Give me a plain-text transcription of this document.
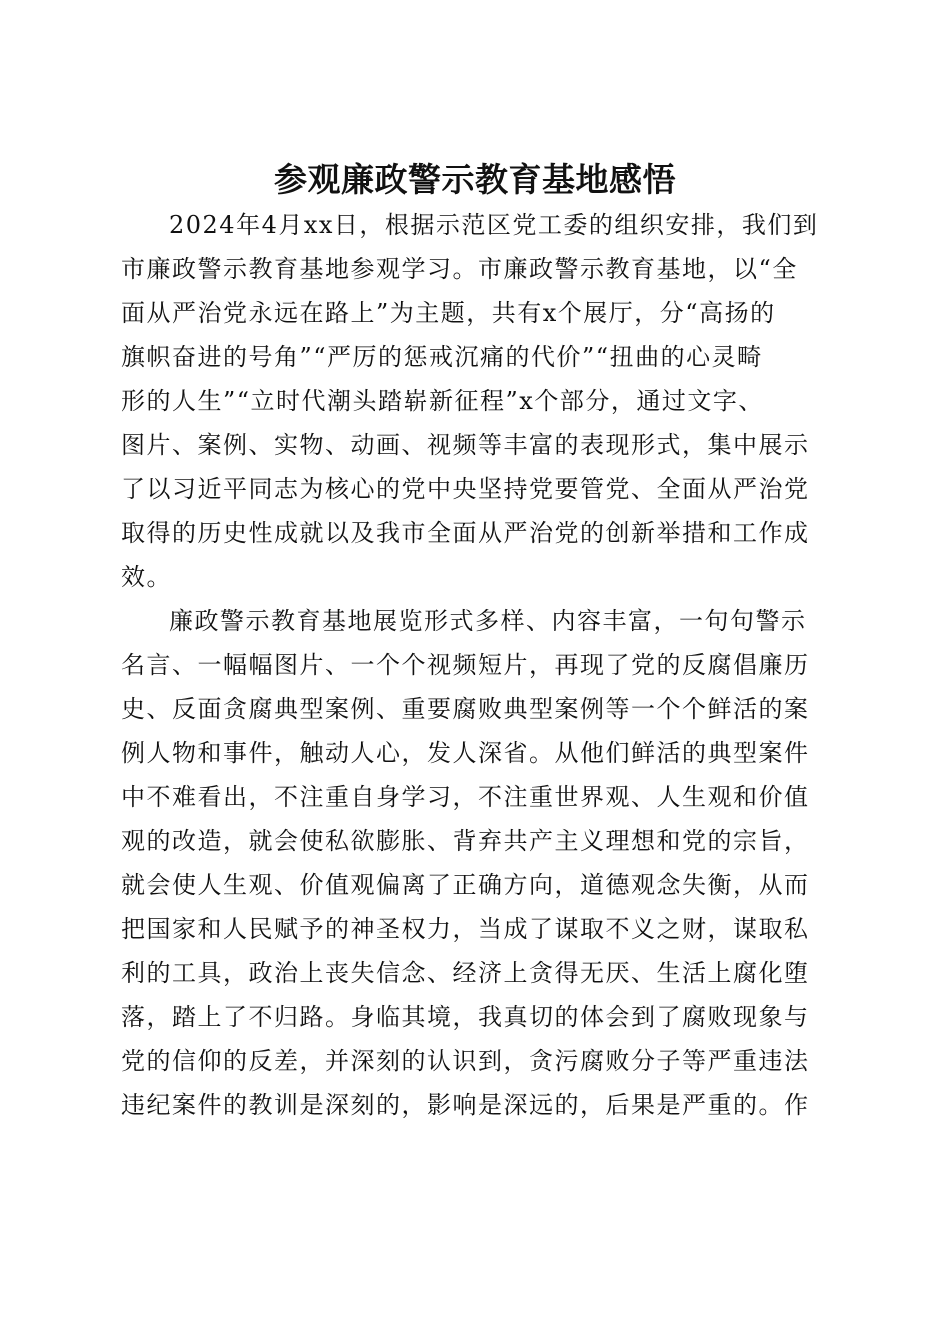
参观廉政警示教育基地感悟

2024年4月xx日，根据示范区党工委的组织安排，我们到
市廉政警示教育基地参观学习。市廉政警示教育基地，以“全
面从严治党永远在路上”为主题，共有x个展厅，分“高扬的
旗帜奋进的号角”“严厉的惩戒沉痛的代价”“扭曲的心灵畸
形的人生”“立时代潮头踏崭新征程”x个部分，通过文字、
图片、案例、实物、动画、视频等丰富的表现形式，集中展示
了以习近平同志为核心的党中央坚持党要管党、全面从严治党
取得的历史性成就以及我市全面从严治党的创新举措和工作成
效。

廉政警示教育基地展览形式多样、内容丰富，一句句警示
名言、一幅幅图片、一个个视频短片，再现了党的反腐倡廉历
史、反面贪腐典型案例、重要腐败典型案例等一个个鲜活的案
例人物和事件，触动人心，发人深省。从他们鲜活的典型案件
中不难看出，不注重自身学习，不注重世界观、人生观和价值
观的改造，就会使私欲膨胀、背弃共产主义理想和党的宗旨，
就会使人生观、价值观偏离了正确方向，道德观念失衡，从而
把国家和人民赋予的神圣权力，当成了谋取不义之财，谋取私
利的工具，政治上丧失信念、经济上贪得无厌、生活上腐化堕
落，踏上了不归路。身临其境，我真切的体会到了腐败现象与
党的信仰的反差，并深刻的认识到，贪污腐败分子等严重违法
违纪案件的教训是深刻的，影响是深远的，后果是严重的。作
